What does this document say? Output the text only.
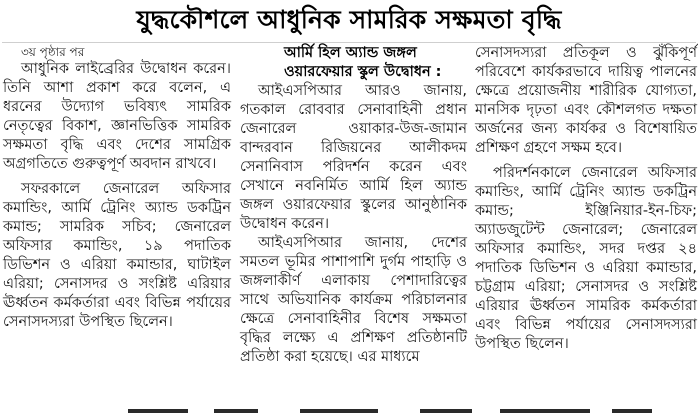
যুদ্ধকৌশলে আধুনিক সামরিক সক্ষমতা বৃদ্ধি

৩য় পৃষ্ঠার পর

আধুনিক লাইব্রেরির উদ্বোধন করেন। তিনি আশা প্রকাশ করে বলেন, এ ধরনের উদ্যোগ ভবিষ্যৎ সামরিক নেতৃত্বের বিকাশ, জ্ঞানভিত্তিক সামরিক সক্ষমতা বৃদ্ধি এবং দেশের সামগ্রিক অগ্রগতিতে গুরুত্বপূর্ণ অবদান রাখবে।

সফরকালে জেনারেল অফিসার কমান্ডিং, আর্মি ট্রেনিং অ্যান্ড ডকট্রিন কমান্ড; সামরিক সচিব; জেনারেল অফিসার কমান্ডিং, ১৯ পদাতিক ডিভিশন ও এরিয়া কমান্ডার, ঘাটাইল এরিয়া; সেনাসদর ও সংশ্লিষ্ট এরিয়ার ঊর্ধ্বতন কর্মকর্তারা এবং বিভিন্ন পর্যায়ের সেনাসদস্যরা উপস্থিত ছিলেন।

আর্মি হিল অ্যান্ড জঙ্গল ওয়ারফেয়ার স্কুল উদ্বোধন :

আইএসপিআর আরও জানায়, গতকাল রোববার সেনাবাহিনী প্রধান জেনারেল ওয়াকার-উজ-জামান বান্দরবান রিজিয়নের আলীকদম সেনানিবাস পরিদর্শন করেন এবং সেখানে নবনির্মিত আর্মি হিল অ্যান্ড জঙ্গল ওয়ারফেয়ার স্কুলের আনুষ্ঠানিক উদ্বোধন করেন।

আইএসপিআর জানায়, দেশের সমতল ভূমির পাশাপাশি দুর্গম পাহাড়ি ও জঙ্গলাকীর্ণ এলাকায় পেশাদারিত্বের সাথে অভিযানিক কার্যক্রম পরিচালনার ক্ষেত্রে সেনাবাহিনীর বিশেষ সক্ষমতা বৃদ্ধির লক্ষ্যে এ প্রশিক্ষণ প্রতিষ্ঠানটি প্রতিষ্ঠা করা হয়েছে। এর মাধ্যমে

সেনাসদস্যরা প্রতিকূল ও ঝুঁকিপূর্ণ পরিবেশে কার্যকরভাবে দায়িত্ব পালনের ক্ষেত্রে প্রয়োজনীয় শারীরিক যোগ্যতা, মানসিক দৃঢ়তা এবং কৌশলগত দক্ষতা অর্জনের জন্য কার্যকর ও বিশেষায়িত প্রশিক্ষণ গ্রহণে সক্ষম হবে।

পরিদর্শনকালে জেনারেল অফিসার কমান্ডিং, আর্মি ট্রেনিং অ্যান্ড ডকট্রিন কমান্ড; ইঞ্জিনিয়ার-ইন-চিফ; অ্যাডজুটেন্ট জেনারেল; জেনারেল অফিসার কমান্ডিং, সদর দপ্তর ২৪ পদাতিক ডিভিশন ও এরিয়া কমান্ডার, চট্টগ্রাম এরিয়া; সেনাসদর ও সংশ্লিষ্ট এরিয়ার ঊর্ধ্বতন সামরিক কর্মকর্তারা এবং বিভিন্ন পর্যায়ের সেনাসদস্যরা উপস্থিত ছিলেন।
